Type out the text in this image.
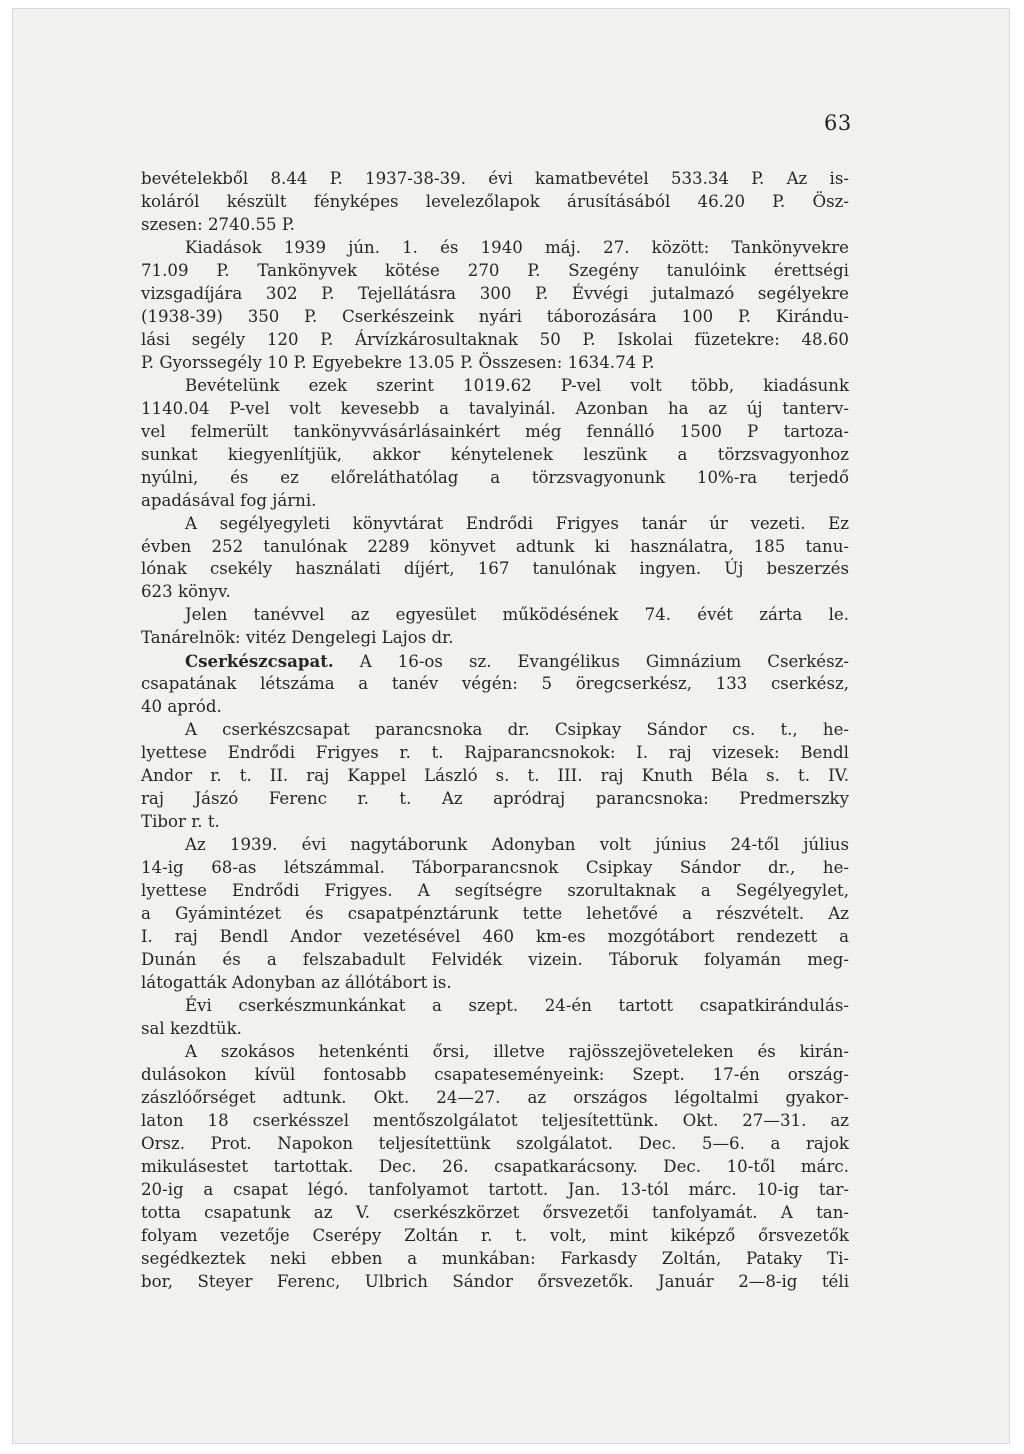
63
bevételekből 8.44 P. 1937-38-39. évi kamatbevétel 533.34 P. Az is-
koláról készült fényképes levelezőlapok árusításából 46.20 P. Ösz-
szesen: 2740.55 P.
Kiadások 1939 jún. 1. és 1940 máj. 27. között: Tankönyvekre
71.09 P. Tankönyvek kötése 270 P. Szegény tanulóink érettségi
vizsgadíjára 302 P. Tejellátásra 300 P. Évvégi jutalmazó segélyekre
(1938-39) 350 P. Cserkészeink nyári táborozására 100 P. Kirándu-
lási segély 120 P. Árvízkárosultaknak 50 P. Iskolai füzetekre: 48.60
P. Gyorssegély 10 P. Egyebekre 13.05 P. Összesen: 1634.74 P.
Bevételünk ezek szerint 1019.62 P-vel volt több, kiadásunk
1140.04 P-vel volt kevesebb a tavalyinál. Azonban ha az új tanterv-
vel felmerült tankönyvvásárlásainkért még fennálló 1500 P tartoza-
sunkat kiegyenlítjük, akkor kénytelenek leszünk a törzsvagyonhoz
nyúlni, és ez előreláthatólag a törzsvagyonunk 10%-ra terjedő
apadásával fog járni.
A segélyegyleti könyvtárat Endrődi Frigyes tanár úr vezeti. Ez
évben 252 tanulónak 2289 könyvet adtunk ki használatra, 185 tanu-
lónak csekély használati díjért, 167 tanulónak ingyen. Új beszerzés
623 könyv.
Jelen tanévvel az egyesület működésének 74. évét zárta le.
Tanárelnök: vitéz Dengelegi Lajos dr.
Cserkészcsapat. A 16-os sz. Evangélikus Gimnázium Cserkész-
csapatának létszáma a tanév végén: 5 öregcserkész, 133 cserkész,
40 apród.
A cserkészcsapat parancsnoka dr. Csipkay Sándor cs. t., he-
lyettese Endrődi Frigyes r. t. Rajparancsnokok: I. raj vizesek: Bendl
Andor r. t. II. raj Kappel László s. t. III. raj Knuth Béla s. t. IV.
raj Jászó Ferenc r. t. Az apródraj parancsnoka: Predmerszky
Tibor r. t.
Az 1939. évi nagytáborunk Adonyban volt június 24-től július
14-ig 68-as létszámmal. Táborparancsnok Csipkay Sándor dr., he-
lyettese Endrődi Frigyes. A segítségre szorultaknak a Segélyegylet,
a Gyámintézet és csapatpénztárunk tette lehetővé a részvételt. Az
I. raj Bendl Andor vezetésével 460 km-es mozgótábort rendezett a
Dunán és a felszabadult Felvidék vizein. Táboruk folyamán meg-
látogatták Adonyban az állótábort is.
Évi cserkészmunkánkat a szept. 24-én tartott csapatkirándulás-
sal kezdtük.
A szokásos hetenkénti őrsi, illetve rajösszejöveteleken és kirán-
dulásokon kívül fontosabb csapateseményeink: Szept. 17-én ország-
zászlóőrséget adtunk. Okt. 24—27. az országos légoltalmi gyakor-
laton 18 cserkésszel mentőszolgálatot teljesítettünk. Okt. 27—31. az
Orsz. Prot. Napokon teljesítettünk szolgálatot. Dec. 5—6. a rajok
mikulásestet tartottak. Dec. 26. csapatkarácsony. Dec. 10-től márc.
20-ig a csapat légó. tanfolyamot tartott. Jan. 13-tól márc. 10-ig tar-
totta csapatunk az V. cserkészkörzet őrsvezetői tanfolyamát. A tan-
folyam vezetője Cserépy Zoltán r. t. volt, mint kiképző őrsvezetők
segédkeztek neki ebben a munkában: Farkasdy Zoltán, Pataky Ti-
bor, Steyer Ferenc, Ulbrich Sándor őrsvezetők. Január 2—8-ig téli
